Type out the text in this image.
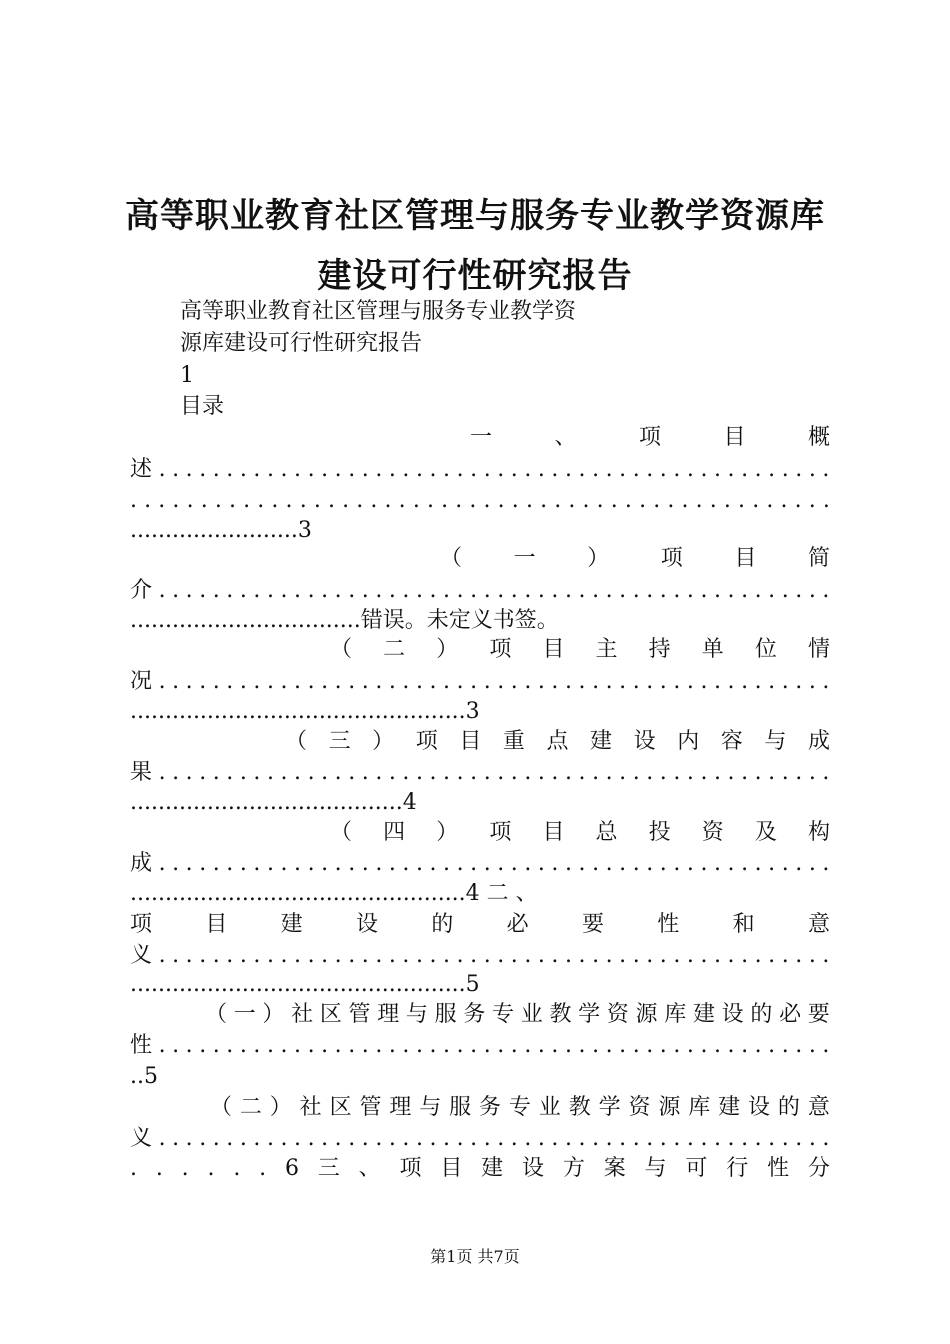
高等职业教育社区管理与服务专业教学资源库
建设可行性研究报告
高等职业教育社区管理与服务专业教学资
源库建设可行性研究报告
1
目录
一	、	项	目	概
述 . . . . . . . . . . . . . . . . . . . . . . . . . . . . . . . . . . . . . . . . . . . . . . . . . .
. . . . . . . . . . . . . . . . . . . . . . . . . . . . . . . . . . . . . . . . . . . . . . . . . .
........................3
（ 一 ） 项 目 简
介 . . . . . . . . . . . . . . . . . . . . . . . . . . . . . . . . . . . . . . . . . . . . . . . . . .
.................................错误。未定义书签。
（ 二 ） 项 目 主 持 单 位 情
况 . . . . . . . . . . . . . . . . . . . . . . . . . . . . . . . . . . . . . . . . . . . . . . . . . .
................................................3
（ 三 ） 项 目 重 点 建 设 内 容 与 成
果 . . . . . . . . . . . . . . . . . . . . . . . . . . . . . . . . . . . . . . . . . . . . . . . . . .
.......................................4
（ 四 ） 项 目 总 投 资 及 构
成 . . . . . . . . . . . . . . . . . . . . . . . . . . . . . . . . . . . . . . . . . . . . . . . . . .
................................................4 二 、
项 目 建 设 的 必 要 性 和 意
义 . . . . . . . . . . . . . . . . . . . . . . . . . . . . . . . . . . . . . . . . . . . . . . . . . .
................................................5
（ 一 ） 社 区 管 理 与 服 务 专 业 教 学 资 源 库 建 设 的 必 要
性 . . . . . . . . . . . . . . . . . . . . . . . . . . . . . . . . . . . . . . . . . . . . . . . . . .
..5
（ 二 ） 社 区 管 理 与 服 务 专 业 教 学 资 源 库 建 设 的 意
义 . . . . . . . . . . . . . . . . . . . . . . . . . . . . . . . . . . . . . . . . . . . . . . . . . .
. . . . . . 6 三 、 项 目 建 设 方 案 与 可 行 性 分
第1页 共7页
